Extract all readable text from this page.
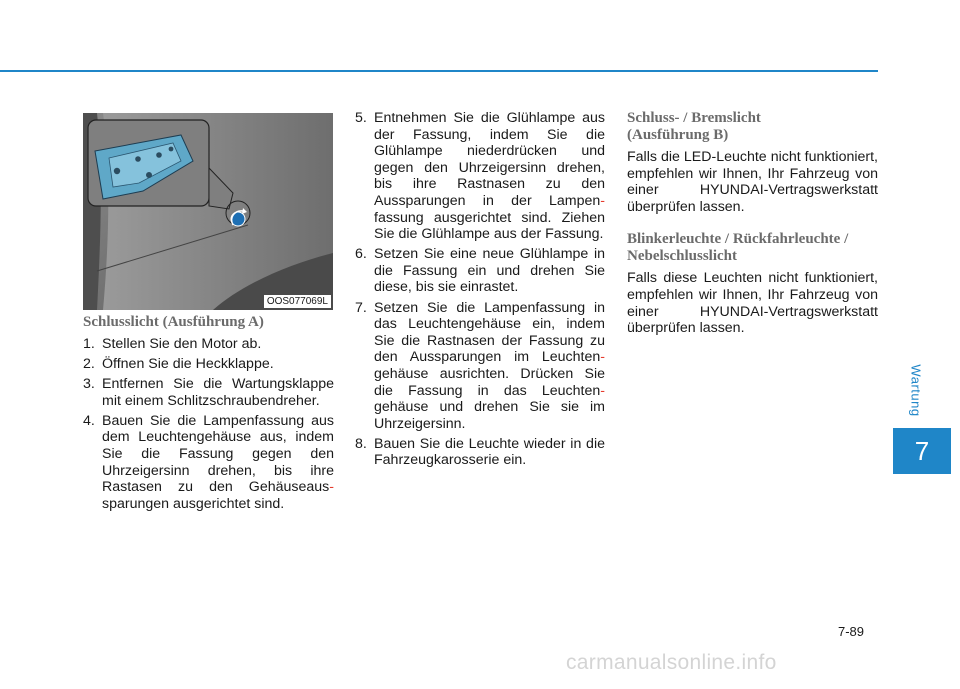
Wartung
7
OOS077069L
Schlusslicht (Ausführung A)
1. Stellen Sie den Motor ab.
2. Öffnen Sie die Heckklappe.
3. Entfernen Sie die Wartungsklappe mit einem Schlitzschraubendreher.
4. Bauen Sie die Lampenfassung aus dem Leuchtengehäuse aus, indem Sie die Fassung gegen den Uhrzeigersinn drehen, bis ihre Rastasen zu den Gehäuseaus-sparungen ausgerichtet sind.
5. Entnehmen Sie die Glühlampe aus der Fassung, indem Sie die Glühlampe niederdrücken und gegen den Uhrzeigersinn drehen, bis ihre Rastnasen zu den Aussparungen in der Lampen-fassung ausgerichtet sind. Ziehen Sie die Glühlampe aus der Fassung.
6. Setzen Sie eine neue Glühlampe in die Fassung ein und drehen Sie diese, bis sie einrastet.
7. Setzen Sie die Lampenfassung in das Leuchtengehäuse ein, indem Sie die Rastnasen der Fassung zu den Aussparungen im Leuchten-gehäuse ausrichten. Drücken Sie die Fassung in das Leuchten-gehäuse und drehen Sie sie im Uhrzeigersinn.
8. Bauen Sie die Leuchte wieder in die Fahrzeugkarosserie ein.
Schluss- / Bremslicht
(Ausführung B)
Falls die LED-Leuchte nicht funktioniert, empfehlen wir Ihnen, Ihr Fahrzeug von einer HYUNDAI-Vertragswerkstatt überprüfen lassen.
Blinkerleuchte / Rückfahrleuchte /
Nebelschlusslicht
Falls diese Leuchten nicht funktioniert, empfehlen wir Ihnen, Ihr Fahrzeug von einer HYUNDAI-Vertragswerkstatt überprüfen lassen.
7-89
carmanualsonline.info
